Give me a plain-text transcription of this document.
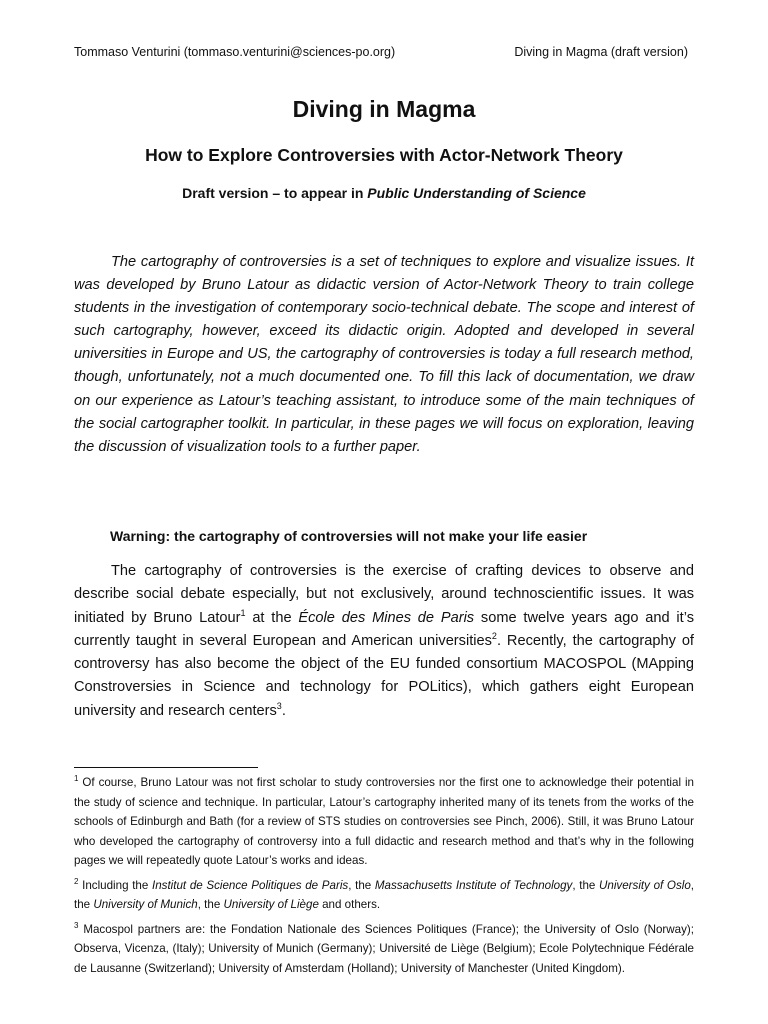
Tommaso Venturini (tommaso.venturini@sciences-po.org)	Diving in Magma (draft version)
Diving in Magma
How to Explore Controversies with Actor-Network Theory
Draft version – to appear in Public Understanding of Science

The cartography of controversies is a set of techniques to explore and visualize issues. It was developed by Bruno Latour as didactic version of Actor-Network Theory to train college students in the investigation of contemporary socio-technical debate. The scope and interest of such cartography, however, exceed its didactic origin. Adopted and developed in several universities in Europe and US, the cartography of controversies is today a full research method, though, unfortunately, not a much documented one. To fill this lack of documentation, we draw on our experience as Latour’s teaching assistant, to introduce some of the main techniques of the social cartographer toolkit. In particular, in these pages we will focus on exploration, leaving the discussion of visualization tools to a further paper.

Warning: the cartography of controversies will not make your life easier

The cartography of controversies is the exercise of crafting devices to observe and describe social debate especially, but not exclusively, around technoscientific issues. It was initiated by Bruno Latour$^1$ at the École des Mines de Paris some twelve years ago and it’s currently taught in several European and American universities$^2$. Recently, the cartography of controversy has also become the object of the EU funded consortium MACOSPOL (MApping Constroversies in Science and technology for POLitics), which gathers eight European university and research centers$^3$.

$^1$ Of course, Bruno Latour was not first scholar to study controversies nor the first one to acknowledge their potential in the study of science and technique. In particular, Latour’s cartography inherited many of its tenets from the works of the schools of Edinburgh and Bath (for a review of STS studies on controversies see Pinch, 2006). Still, it was Bruno Latour who developed the cartography of controversy into a full didactic and research method and that’s why in the following pages we will repeatedly quote Latour’s works and ideas.

$^2$ Including the Institut de Science Politiques de Paris, the Massachusetts Institute of Technology, the University of Oslo, the University of Munich, the University of Liège and others.

$^3$ Macospol partners are: the Fondation Nationale des Sciences Politiques (France); the University of Oslo (Norway); Observa, Vicenza, (Italy); University of Munich (Germany); Université de Liège (Belgium); Ecole Polytechnique Fédérale de Lausanne (Switzerland); University of Amsterdam (Holland); University of Manchester (United Kingdom).
